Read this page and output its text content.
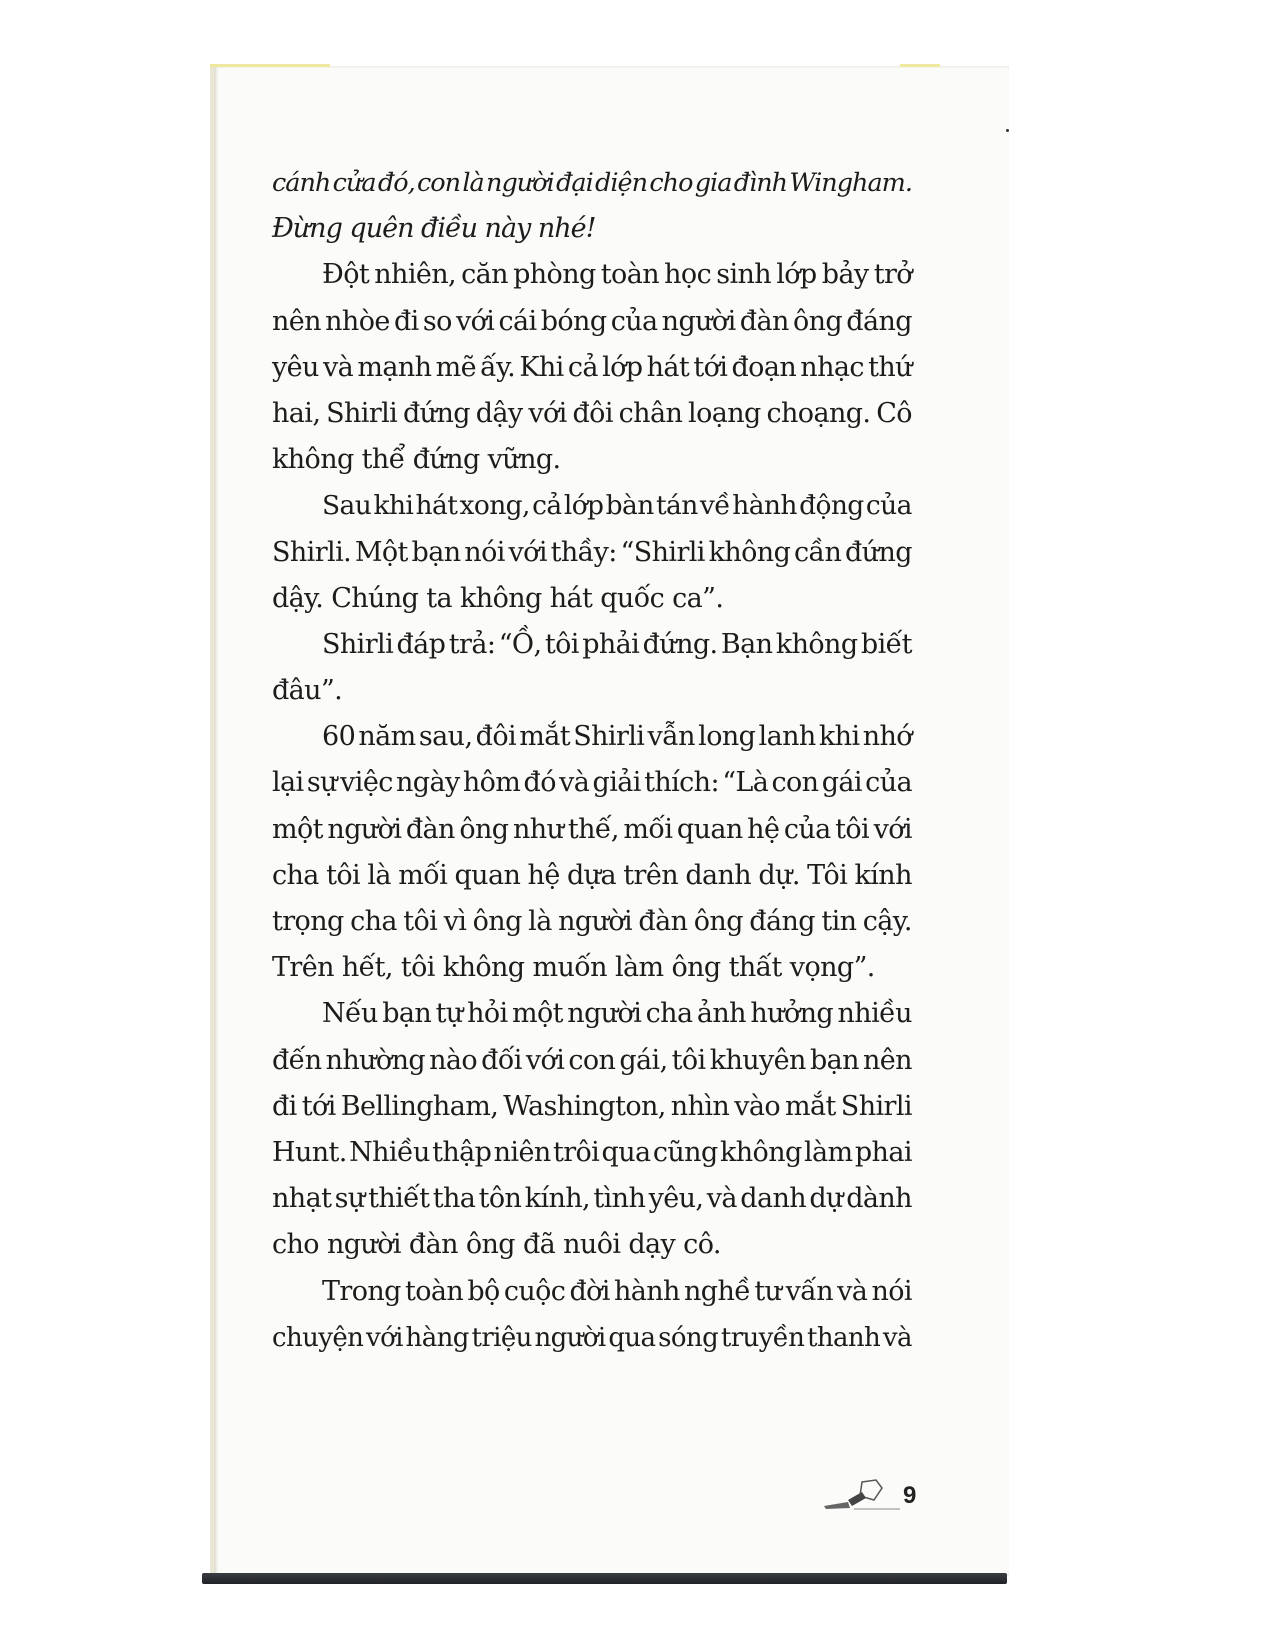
cánh cửa đó, con là người đại diện cho gia đình Wingham.
Đừng quên điều này nhé!
Đột nhiên, căn phòng toàn học sinh lớp bảy trở
nên nhòe đi so với cái bóng của người đàn ông đáng
yêu và mạnh mẽ ấy. Khi cả lớp hát tới đoạn nhạc thứ
hai, Shirli đứng dậy với đôi chân loạng choạng. Cô
không thể đứng vững.
Sau khi hát xong, cả lớp bàn tán về hành động của
Shirli. Một bạn nói với thầy: “Shirli không cần đứng
dậy. Chúng ta không hát quốc ca”.
Shirli đáp trả: “Ồ, tôi phải đứng. Bạn không biết
đâu”.
60 năm sau, đôi mắt Shirli vẫn long lanh khi nhớ
lại sự việc ngày hôm đó và giải thích: “Là con gái của
một người đàn ông như thế, mối quan hệ của tôi với
cha tôi là mối quan hệ dựa trên danh dự. Tôi kính
trọng cha tôi vì ông là người đàn ông đáng tin cậy.
Trên hết, tôi không muốn làm ông thất vọng”.
Nếu bạn tự hỏi một người cha ảnh hưởng nhiều
đến nhường nào đối với con gái, tôi khuyên bạn nên
đi tới Bellingham, Washington, nhìn vào mắt Shirli
Hunt. Nhiều thập niên trôi qua cũng không làm phai
nhạt sự thiết tha tôn kính, tình yêu, và danh dự dành
cho người đàn ông đã nuôi dạy cô.
Trong toàn bộ cuộc đời hành nghề tư vấn và nói
chuyện với hàng triệu người qua sóng truyền thanh và
9
